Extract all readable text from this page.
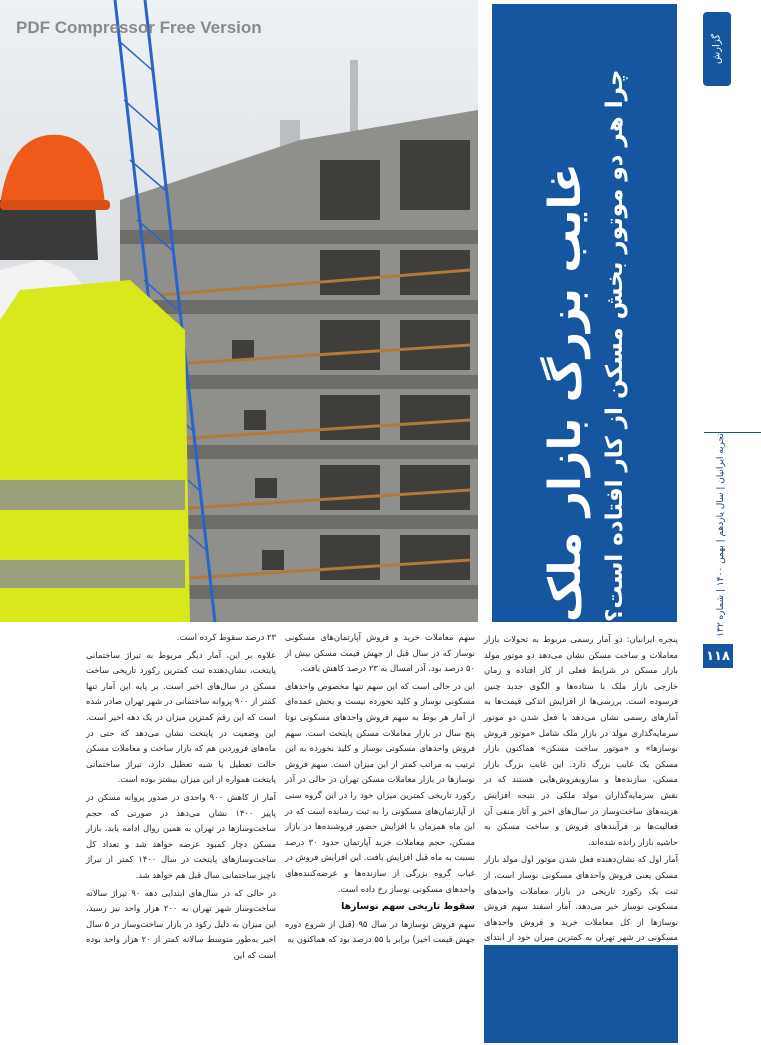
PDF Compressor Free Version
غایب بزرگ بازار ملک چرا هر دو موتور بخش مسکن از کار افتاده است؟
گزارش
تجربه ایرانیان | سال یازدهم | بهمن ۱۴۰۰ | شماره ۱۳۲
۱۱۸

پنجره ایرانیان: دو آمار رسمی مربوط به تحولات بازار معاملات و ساخت مسکن نشان می‌دهد دو موتور مولد بازار مسکن در شرایط فعلی از کار افتاده و زمان خارجی بازار ملک با ستاده‌ها و الگوی جدید چنین فرسوده است. بررسی‌ها از افزایش اندکی قیمت‌ها به آمارهای رسمی نشان می‌دهد با فعل شدن دو موتور سرمایه‌گذاری مولد در بازار ملک شامل «موتور فروش نوسازها» و «موتور ساخت مسکن» هماکنون بازار مسکن یک غایب بزرگ دارد. این غایب بزرگ بازار مسکن، سازنده‌ها و سازوبفروش‌هایی هستند که در نقش سرمایه‌گذاران مولد ملکی در نتیجه افزایش هزینه‌های ساخت‌وساز در سال‌های اخیر و آثار منفی آن فعالیت‌ها بر فرآیندهای فروش و ساخت مسکن به حاشیه بازار رانده شده‌اند.

آمار اول که نشان‌دهنده فعل شدن موتور اول مولد بازار مسکن یعنی فروش واحدهای مسکونی نوساز است، از ثبت یک رکورد تاریخی در بازار معاملات واحدهای مسکونی نوساز خبر می‌دهد. آمار اسفند سهم فروش نوسازها از کل معاملات خرید و فروش واحدهای مسکونی در شهر تهران به کمترین میزان خود از ابتدای

سهم معاملات خرید و فروش آپارتمان‌های مسکونی نوساز که در سال قبل از جهش قیمت مسکن بیش از ۵۰ درصد بود، آذر امسال به ۲۳ درصد کاهش یافت.

این در حالی است که این سهم تنها مخصوص واحدهای مسکونی نوساز و کلید نخورده نیست و بخش عمده‌ای از آمار هر بوط به سهم فروش واحدهای مسکونی نوتا پنج سال در بازار معاملات مسکن پایتخت است. سهم فروش واحدهای مسکونی نوساز و کلید نخورده به این ترتیب به مراتب کمتر از این میزان است. سهم فروش نوسازها در بازار معاملات مسکن تهران در حالی در آذر رکورد تاریخی کمترین میزان خود را در این گروه سنی از آپارتمان‌های مسکونی را به ثبت رسانده است که در این ماه همزمان با افزایش حضور فروشنده‌ها در بازار مسکن، حجم معاملات خرید آپارتمان حدود ۳۰ درصد نسبت به ماه قبل افزایش یافت. این افزایش فروش در غیاب گروه بزرگی از سازنده‌ها و عرضه‌کننده‌های واحدهای مسکونی نوساز رخ داده است.

سقوط تاریخی سهم نوسازها

سهم فروش نوسازها در سال ۹۵ (قبل از شروع دوره جهش قیمت اخیر) برابر با ۵۵ درصد بود که هماکنون به

۲۳ درصد سقوط کرده است.

علاوه بر این، آمار دیگر مربوط به تیراژ ساختمانی پایتخت، نشان‌دهنده ثبت کمترین رکورد تاریخی ساخت مسکن در سال‌های اخیر است. بر پایه این آمار تنها کمتر از ۹۰۰ پروانه ساختمانی در شهر تهران صادر شده است که این رقم کمترین میزان در یک دهه اخیر است. این وضعیت در پایتخت نشان می‌دهد که حتی در ماه‌های فروردین هم که بازار ساخت و معاملات مسکن حالت تعطیل یا شبه تعطیل دارد، تیراژ ساختمانی پایتخت همواره از این میزان بیشتر بوده است.

آمار از کاهش ۹۰۰ واحدی در صدور پروانه مسکن در پاییز ۱۴۰۰ نشان می‌دهد در صورتی که حجم ساخت‌وسازها در تهران به همین روال ادامه یابد، بازار مسکن دچار کمبود عرضه خواهد شد و تعداد کل ساخت‌وسازهای پایتخت در سال ۱۴۰۰ کمتر از تیراژ ناچیز ساختمانی سال قبل هم خواهد شد.

در حالی که در سال‌های ابتدایی دهه ۹۰ تیراژ سالانه ساخت‌وساز شهر تهران به ۲۰۰ هزار واحد نیز رسید، این میزان به دلیل رکود در بازار ساخت‌وساز در ۵ سال اخیر به‌طور متوسط سالانه کمتر از ۲۰ هزار واحد بوده است که این
